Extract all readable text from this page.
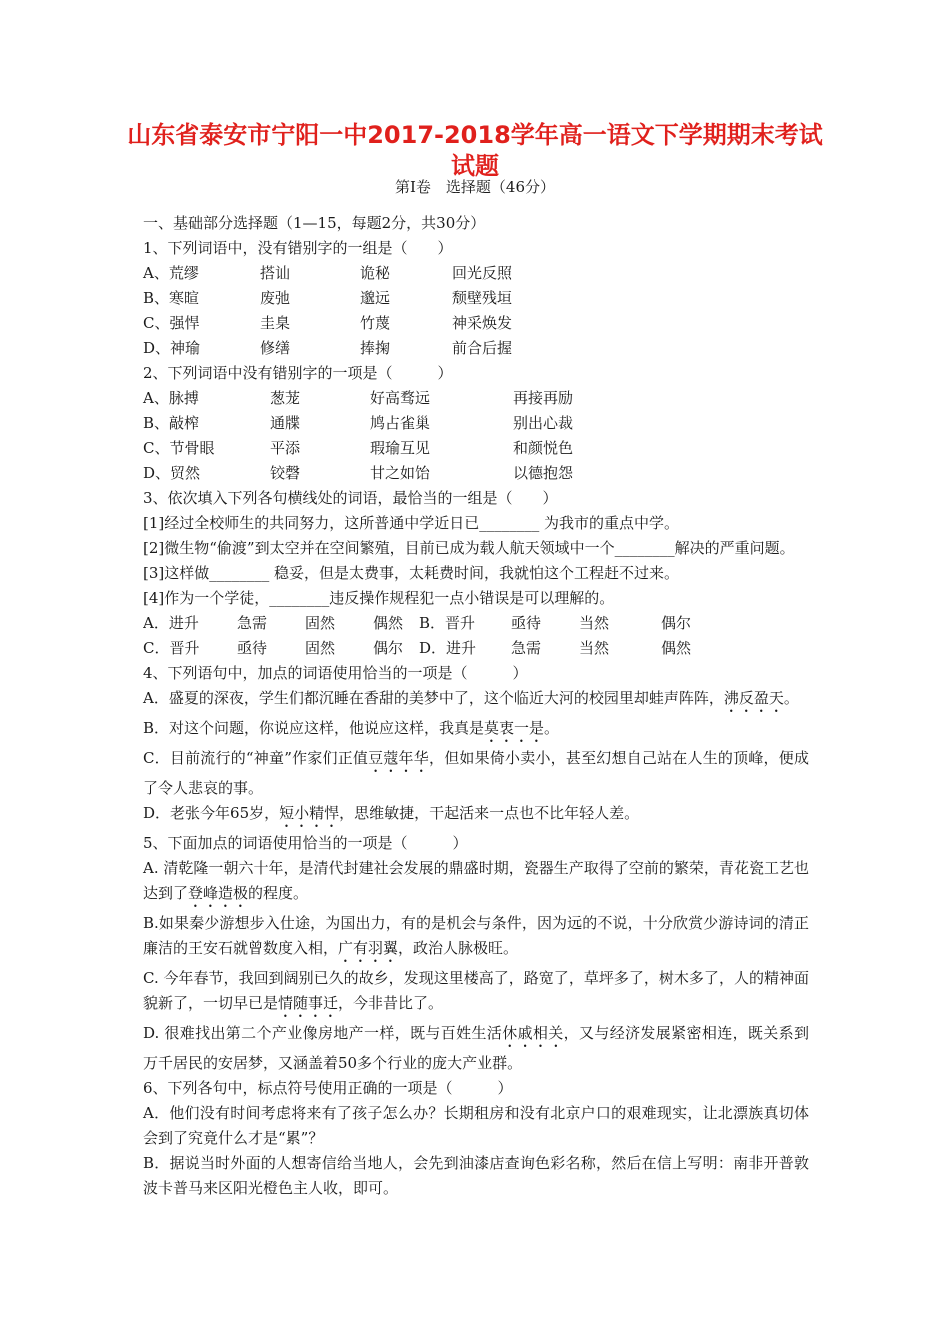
山东省泰安市宁阳一中2017-2018学年高一语文下学期期末考试试题
第Ⅰ卷　选择题（46分）
一、基础部分选择题（1—15，每题2分，共30分）
1、下列词语中，没有错别字的一组是（　　）
A、荒缪	搭讪	诡秘	回光反照
B、寒暄	废弛	邈远	颓壁残垣
C、强悍	圭臬	竹蔑	神采焕发
D、神瑜	修缮	捧掬	前合后握
2、下列词语中没有错别字的一项是（　　　）
A、脉搏	葱茏	好高骛远	再接再励
B、敲榨	通牒	鸠占雀巢	别出心裁
C、节骨眼	平添	瑕瑜互见	和颜悦色
D、贸然	铰磬	甘之如饴	以德抱怨
3、依次填入下列各句横线处的词语，最恰当的一组是（　　）
[1]经过全校师生的共同努力，这所普通中学近日已________ 为我市的重点中学。
[2]微生物“偷渡”到太空并在空间繁殖，目前已成为载人航天领域中一个________解决的严重问题。
[3]这样做________ 稳妥，但是太费事，太耗费时间，我就怕这个工程赶不过来。
[4]作为一个学徒，________违反操作规程犯一点小错误是可以理解的。
A．进升	急需	固然	偶然 B．晋升 亟待	当然	偶尔
C．晋升	亟待	固然	偶尔 D．进升 急需	当然	偶然
4、下列语句中，加点的词语使用恰当的一项是（　　　）
A．盛夏的深夜，学生们都沉睡在香甜的美梦中了，这个临近大河的校园里却蛙声阵阵，沸反盈天。
B．对这个问题，你说应这样，他说应这样，我真是莫衷一是。
C．目前流行的“神童”作家们正值豆蔻年华，但如果倚小卖小，甚至幻想自己站在人生的顶峰，便成了令人悲哀的事。
D．老张今年65岁，短小精悍，思维敏捷，干起活来一点也不比年轻人差。
5、下面加点的词语使用恰当的一项是（　　　）
A. 清乾隆一朝六十年，是清代封建社会发展的鼎盛时期，瓷器生产取得了空前的繁荣，青花瓷工艺也达到了登峰造极的程度。
B.如果秦少游想步入仕途，为国出力，有的是机会与条件，因为远的不说，十分欣赏少游诗词的清正廉洁的王安石就曾数度入相，广有羽翼，政治人脉极旺。
C. 今年春节，我回到阔别已久的故乡，发现这里楼高了，路宽了，草坪多了，树木多了，人的精神面貌新了，一切早已是情随事迁，今非昔比了。
D. 很难找出第二个产业像房地产一样，既与百姓生活休戚相关，又与经济发展紧密相连，既关系到万千居民的安居梦，又涵盖着50多个行业的庞大产业群。
6、下列各句中，标点符号使用正确的一项是（　　　）
A．他们没有时间考虑将来有了孩子怎么办？长期租房和没有北京户口的艰难现实，让北漂族真切体会到了究竟什么才是“累”？
B．据说当时外面的人想寄信给当地人，会先到油漆店查询色彩名称，然后在信上写明：南非开普敦波卡普马来区阳光橙色主人收，即可。
